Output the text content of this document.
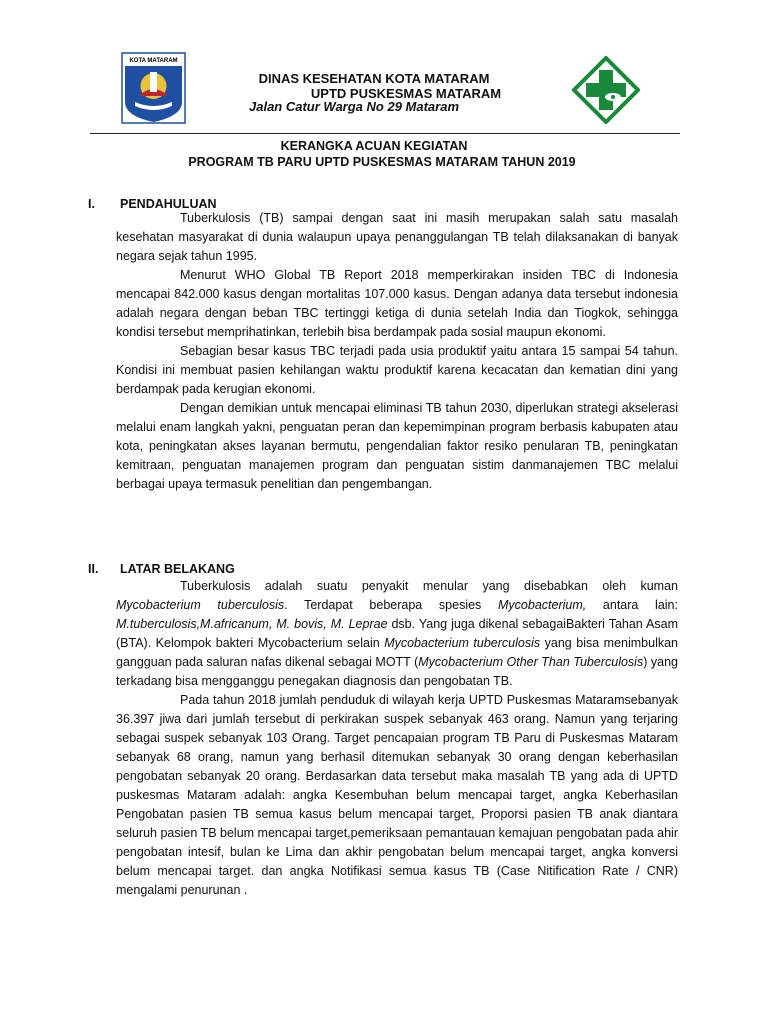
KOTA MATARAM
DINAS KESEHATAN KOTA MATARAM
UPTD PUSKESMAS MATARAM
Jalan Catur Warga No 29 Mataram
KERANGKA ACUAN KEGIATAN
PROGRAM TB PARU UPTD PUSKESMAS MATARAM TAHUN 2019
I. PENDAHULUAN

Tuberkulosis (TB) sampai dengan saat ini masih merupakan salah satu masalah kesehatan masyarakat di dunia walaupun upaya penanggulangan TB telah dilaksanakan di banyak negara sejak tahun 1995.

Menurut WHO Global TB Report 2018 memperkirakan insiden TBC di Indonesia mencapai 842.000 kasus dengan mortalitas 107.000 kasus. Dengan adanya data tersebut indonesia adalah negara dengan beban TBC tertinggi ketiga di dunia setelah India dan Tiogkok, sehingga kondisi tersebut memprihatinkan, terlebih bisa berdampak pada sosial maupun ekonomi.

Sebagian besar kasus TBC terjadi pada usia produktif yaitu antara 15 sampai 54 tahun. Kondisi ini membuat pasien kehilangan waktu produktif karena kecacatan dan kematian dini yang berdampak pada kerugian ekonomi.

Dengan demikian untuk mencapai eliminasi TB tahun 2030, diperlukan strategi akselerasi melalui enam langkah yakni, penguatan peran dan kepemimpinan program berbasis kabupaten atau kota, peningkatan akses layanan bermutu, pengendalian faktor resiko penularan TB, peningkatan kemitraan, penguatan manajemen program dan penguatan sistim danmanajemen TBC melalui berbagai upaya termasuk penelitian dan pengembangan.

II. LATAR BELAKANG

Tuberkulosis adalah suatu penyakit menular yang disebabkan oleh kuman Mycobacterium tuberculosis. Terdapat beberapa spesies Mycobacterium, antara lain: M.tuberculosis,M.africanum, M. bovis, M. Leprae dsb. Yang juga dikenal sebagaiBakteri Tahan Asam (BTA). Kelompok bakteri Mycobacterium selain Mycobacterium tuberculosis yang bisa menimbulkan gangguan pada saluran nafas dikenal sebagai MOTT (Mycobacterium Other Than Tuberculosis) yang terkadang bisa mengganggu penegakan diagnosis dan pengobatan TB.

Pada tahun 2018 jumlah penduduk di wilayah kerja UPTD Puskesmas Mataramsebanyak 36.397 jiwa dari jumlah tersebut di perkirakan suspek sebanyak 463 orang. Namun yang terjaring sebagai suspek sebanyak 103 Orang. Target pencapaian program TB Paru di Puskesmas Mataram sebanyak 68 orang, namun yang berhasil ditemukan sebanyak 30 orang dengan keberhasilan pengobatan sebanyak 20 orang. Berdasarkan data tersebut maka masalah TB yang ada di UPTD puskesmas Mataram adalah: angka Kesembuhan belum mencapai target, angka Keberhasilan Pengobatan pasien TB semua kasus belum mencapai target, Proporsi pasien TB anak diantara seluruh pasien TB belum mencapai target,pemeriksaan pemantauan kemajuan pengobatan pada ahir pengobatan intesif, bulan ke Lima dan akhir pengobatan belum mencapai target, angka konversi belum mencapai target. dan angka Notifikasi semua kasus TB (Case Nitification Rate / CNR) mengalami penurunan .
